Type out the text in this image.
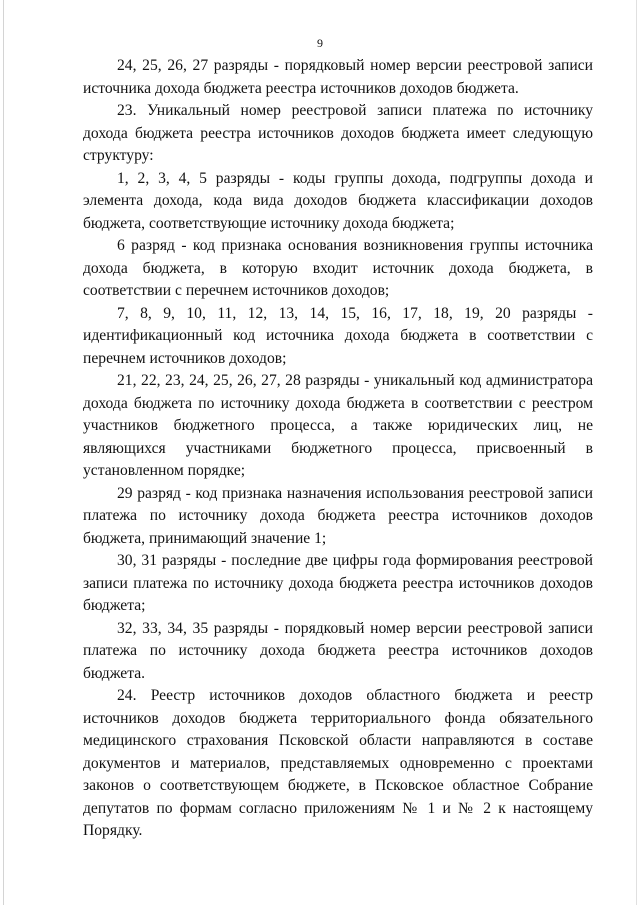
9

24, 25, 26, 27 разряды - порядковый номер версии реестровой записи источника дохода бюджета реестра источников доходов бюджета.

23. Уникальный номер реестровой записи платежа по источнику дохода бюджета реестра источников доходов бюджета имеет следующую структуру:

1, 2, 3, 4, 5 разряды - коды группы дохода, подгруппы дохода и элемента дохода, кода вида доходов бюджета классификации доходов бюджета, соответствующие источнику дохода бюджета;

6 разряд - код признака основания возникновения группы источника дохода бюджета, в которую входит источник дохода бюджета, в соответствии с перечнем источников доходов;

7, 8, 9, 10, 11, 12, 13, 14, 15, 16, 17, 18, 19, 20 разряды - идентификационный код источника дохода бюджета в соответствии с перечнем источников доходов;

21, 22, 23, 24, 25, 26, 27, 28 разряды - уникальный код администратора дохода бюджета по источнику дохода бюджета в соответствии с реестром участников бюджетного процесса, а также юридических лиц, не являющихся участниками бюджетного процесса, присвоенный в установленном порядке;

29 разряд - код признака назначения использования реестровой записи платежа по источнику дохода бюджета реестра источников доходов бюджета, принимающий значение 1;

30, 31 разряды - последние две цифры года формирования реестровой записи платежа по источнику дохода бюджета реестра источников доходов бюджета;

32, 33, 34, 35 разряды - порядковый номер версии реестровой записи платежа по источнику дохода бюджета реестра источников доходов бюджета.

24. Реестр источников доходов областного бюджета и реестр источников доходов бюджета территориального фонда обязательного медицинского страхования Псковской области направляются в составе документов и материалов, представляемых одновременно с проектами законов о соответствующем бюджете, в Псковское областное Собрание депутатов по формам согласно приложениям № 1 и № 2 к настоящему Порядку.
